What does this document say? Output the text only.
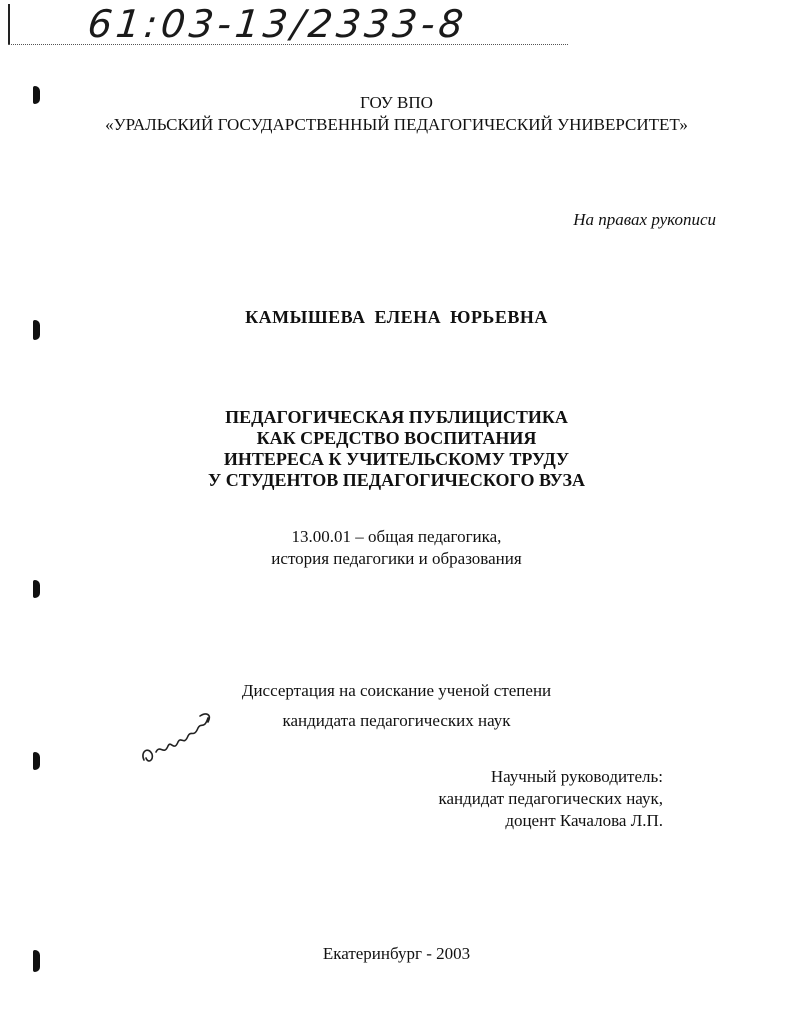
61:03-13/2333-8
ГОУ ВПО
«УРАЛЬСКИЙ ГОСУДАРСТВЕННЫЙ ПЕДАГОГИЧЕСКИЙ УНИВЕРСИТЕТ»
На правах рукописи
КАМЫШЕВА ЕЛЕНА ЮРЬЕВНА
ПЕДАГОГИЧЕСКАЯ ПУБЛИЦИСТИКА
КАК СРЕДСТВО ВОСПИТАНИЯ
ИНТЕРЕСА К УЧИТЕЛЬСКОМУ ТРУДУ
У СТУДЕНТОВ ПЕДАГОГИЧЕСКОГО ВУЗА
13.00.01 – общая педагогика,
история педагогики и образования
Диссертация на соискание ученой степени
кандидата педагогических наук
Научный руководитель:
кандидат педагогических наук,
доцент Качалова Л.П.
Екатеринбург - 2003
